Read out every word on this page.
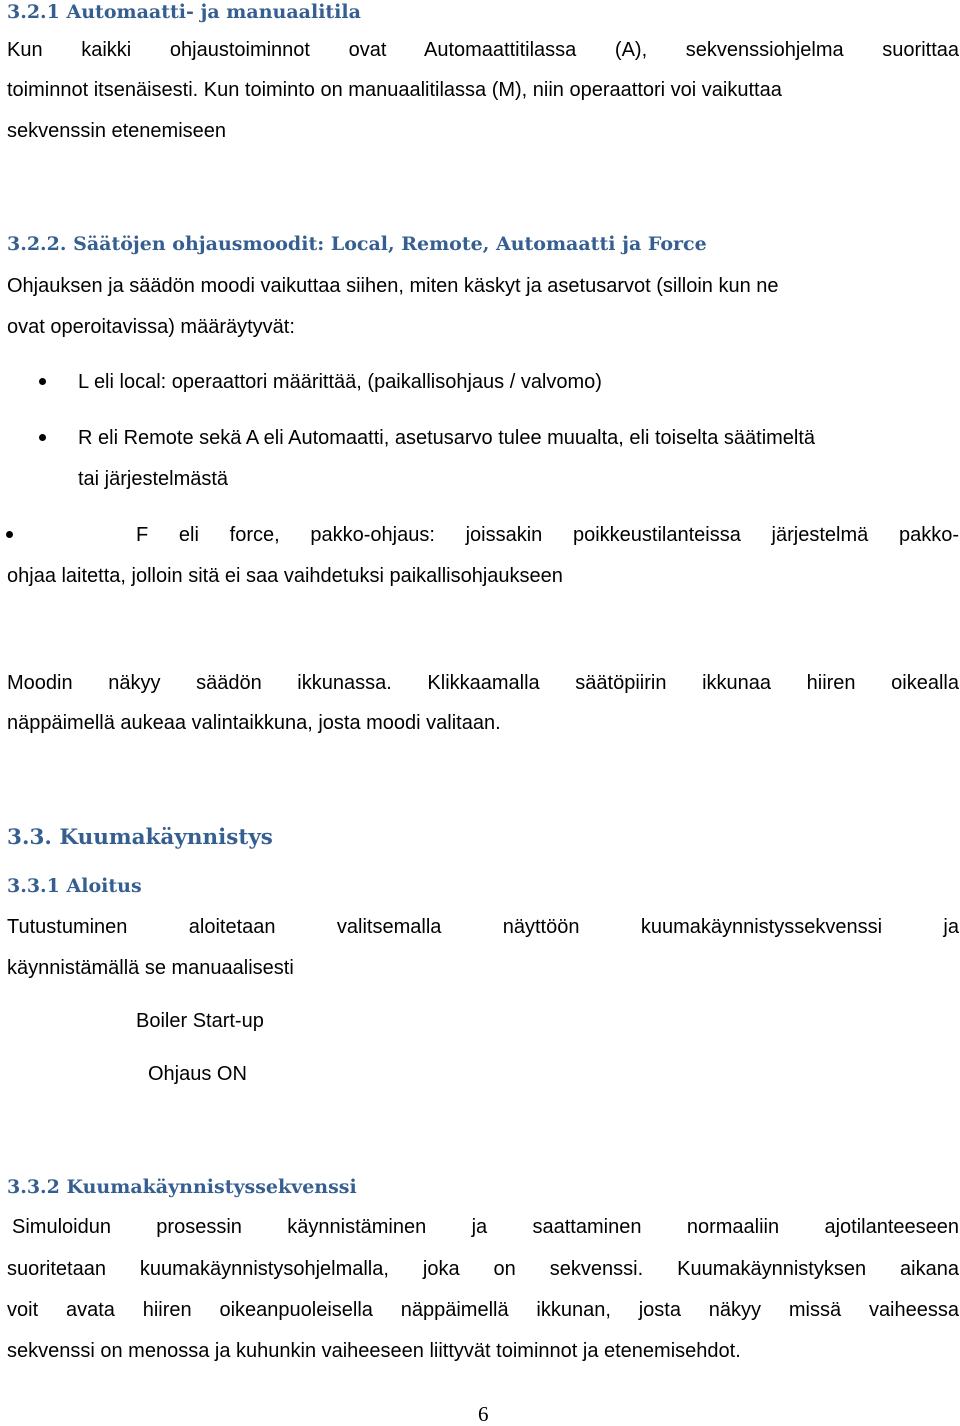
3.2.1 Automaatti- ja manuaalitila

Kun kaikki ohjaustoiminnot ovat Automaattitilassa (A), sekvenssiohjelma suorittaa

toiminnot itsenäisesti. Kun toiminto on manuaalitilassa (M), niin operaattori voi vaikuttaa

sekvenssin etenemiseen

3.2.2. Säätöjen ohjausmoodit: Local, Remote, Automaatti ja Force

Ohjauksen ja säädön moodi vaikuttaa siihen, miten käskyt ja asetusarvot (silloin kun ne

ovat operoitavissa) määräytyvät:

L eli local: operaattori määrittää, (paikallisohjaus / valvomo)

R eli Remote sekä A eli Automaatti, asetusarvo tulee muualta, eli toiselta säätimeltä

tai järjestelmästä

F eli force, pakko-ohjaus: joissakin poikkeustilanteissa järjestelmä pakko-

ohjaa laitetta, jolloin sitä ei saa vaihdetuksi paikallisohjaukseen

Moodin näkyy säädön ikkunassa. Klikkaamalla säätöpiirin ikkunaa hiiren oikealla

näppäimellä aukeaa valintaikkuna, josta moodi valitaan.

3.3. Kuumakäynnistys
3.3.1 Aloitus

Tutustuminen aloitetaan valitsemalla näyttöön kuumakäynnistyssekvenssi ja

käynnistämällä se manuaalisesti

Boiler Start-up

Ohjaus ON

3.3.2 Kuumakäynnistyssekvenssi

Simuloidun prosessin käynnistäminen ja saattaminen normaaliin ajotilanteeseen

suoritetaan kuumakäynnistysohjelmalla, joka on sekvenssi. Kuumakäynnistyksen aikana

voit avata hiiren oikeanpuoleisella näppäimellä ikkunan, josta näkyy missä vaiheessa

sekvenssi on menossa ja kuhunkin vaiheeseen liittyvät toiminnot ja etenemisehdot.

6
